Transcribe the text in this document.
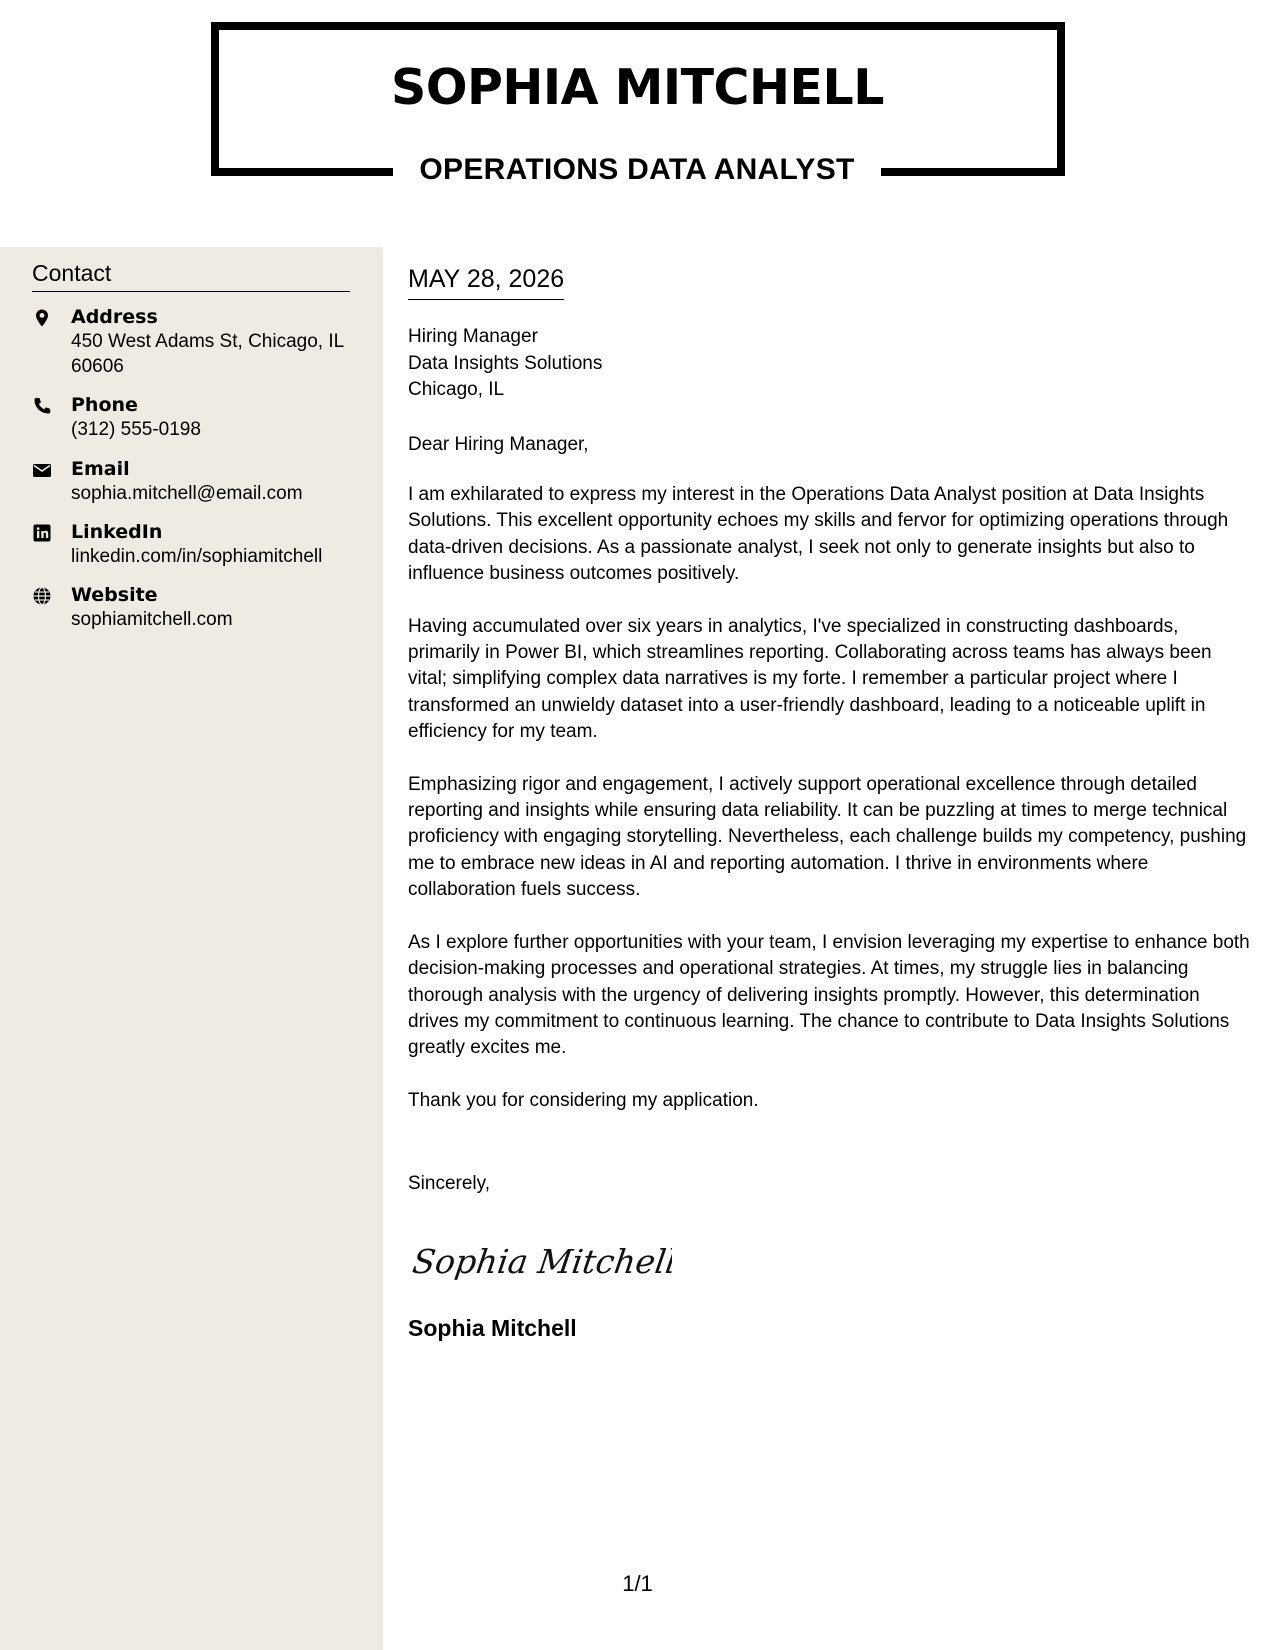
SOPHIA MITCHELL
OPERATIONS DATA ANALYST
Contact
Address
450 West Adams St, Chicago, IL 60606
Phone
(312) 555-0198
Email
sophia.mitchell@email.com
LinkedIn
linkedin.com/in/sophiamitchell
Website
sophiamitchell.com
MAY 28, 2026
Hiring Manager
Data Insights Solutions
Chicago, IL
Dear Hiring Manager,

I am exhilarated to express my interest in the Operations Data Analyst position at Data Insights Solutions. This excellent opportunity echoes my skills and fervor for optimizing operations through data-driven decisions. As a passionate analyst, I seek not only to generate insights but also to influence business outcomes positively.

Having accumulated over six years in analytics, I've specialized in constructing dashboards, primarily in Power BI, which streamlines reporting. Collaborating across teams has always been vital; simplifying complex data narratives is my forte. I remember a particular project where I transformed an unwieldy dataset into a user-friendly dashboard, leading to a noticeable uplift in efficiency for my team.

Emphasizing rigor and engagement, I actively support operational excellence through detailed reporting and insights while ensuring data reliability. It can be puzzling at times to merge technical proficiency with engaging storytelling. Nevertheless, each challenge builds my competency, pushing me to embrace new ideas in AI and reporting automation. I thrive in environments where collaboration fuels success.

As I explore further opportunities with your team, I envision leveraging my expertise to enhance both decision-making processes and operational strategies. At times, my struggle lies in balancing thorough analysis with the urgency of delivering insights promptly. However, this determination drives my commitment to continuous learning. The chance to contribute to Data Insights Solutions greatly excites me.

Thank you for considering my application.

Sincerely,
Sophia Mitchell
Sophia Mitchell
1/1
